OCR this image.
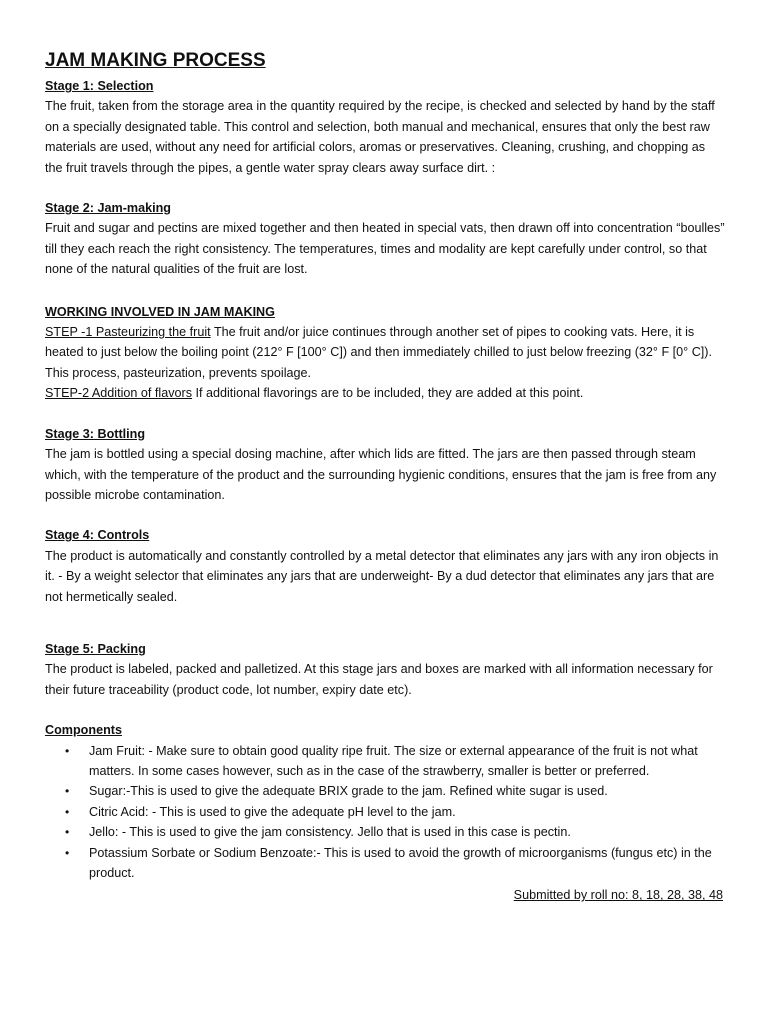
JAM MAKING PROCESS
Stage 1: Selection

The fruit, taken from the storage area in the quantity required by the recipe, is checked and selected by hand by the staff on a specially designated table. This control and selection, both manual and mechanical, ensures that only the best raw materials are used, without any need for artificial colors, aromas or preservatives. Cleaning, crushing, and chopping as the fruit travels through the pipes, a gentle water spray clears away surface dirt. :

Stage 2: Jam-making

Fruit and sugar and pectins are mixed together and then heated in special vats, then drawn off into concentration “boulles” till they each reach the right consistency. The temperatures, times and modality are kept carefully under control, so that none of the natural qualities of the fruit are lost.

WORKING INVOLVED IN JAM MAKING

STEP -1 Pasteurizing the fruit The fruit and/or juice continues through another set of pipes to cooking vats. Here, it is heated to just below the boiling point (212° F [100° C]) and then immediately chilled to just below freezing (32° F [0° C]). This process, pasteurization, prevents spoilage.

STEP-2 Addition of flavors If additional flavorings are to be included, they are added at this point.

Stage 3: Bottling

The jam is bottled using a special dosing machine, after which lids are fitted. The jars are then passed through steam which, with the temperature of the product and the surrounding hygienic conditions, ensures that the jam is free from any possible microbe contamination.

Stage 4: Controls

The product is automatically and constantly controlled by a metal detector that eliminates any jars with any iron objects in it. - By a weight selector that eliminates any jars that are underweight- By a dud detector that eliminates any jars that are not hermetically sealed.

Stage 5: Packing

The product is labeled, packed and palletized. At this stage jars and boxes are marked with all information necessary for their future traceability (product code, lot number, expiry date etc).

Components
• Jam Fruit: - Make sure to obtain good quality ripe fruit. The size or external appearance of the fruit is not what matters. In some cases however, such as in the case of the strawberry, smaller is better or preferred.
• Sugar:-This is used to give the adequate BRIX grade to the jam. Refined white sugar is used.
• Citric Acid: - This is used to give the adequate pH level to the jam.
• Jello: - This is used to give the jam consistency. Jello that is used in this case is pectin.
• Potassium Sorbate or Sodium Benzoate:- This is used to avoid the growth of microorganisms (fungus etc) in the product.
Submitted by roll no: 8, 18, 28, 38, 48
